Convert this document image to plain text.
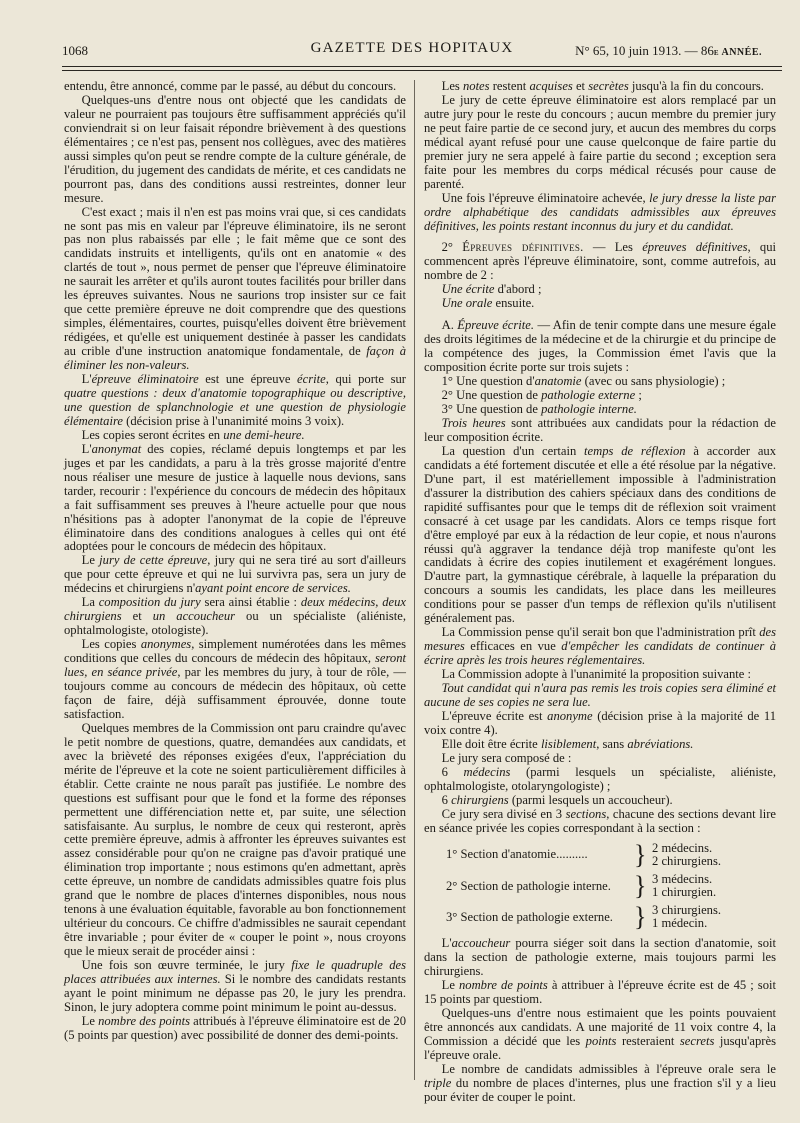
1068	GAZETTE DES HOPITAUX	N° 65, 10 juin 1913. — 86e ANNÉE.

entendu, être annoncé, comme par le passé, au début du concours.

Quelques-uns d'entre nous ont objecté que les candidats de valeur ne pourraient pas toujours être suffisamment appréciés qu'il conviendrait si on leur faisait répondre brièvement à des questions élémentaires ; ce n'est pas, pensent nos collègues, avec des matières aussi simples qu'on peut se rendre compte de la culture générale, de l'érudition, du jugement des candidats de mérite, et ces candidats ne pourront pas, dans des conditions aussi restreintes, donner leur mesure.

C'est exact ; mais il n'en est pas moins vrai que, si ces candidats ne sont pas mis en valeur par l'épreuve éliminatoire, ils ne seront pas non plus rabaissés par elle ; le fait même que ce sont des candidats instruits et intelligents, qu'ils ont en anatomie « des clartés de tout », nous permet de penser que l'épreuve éliminatoire ne saurait les arrêter et qu'ils auront toutes facilités pour briller dans les épreuves suivantes. Nous ne saurions trop insister sur ce fait que cette première épreuve ne doit comprendre que des questions simples, élémentaires, courtes, puisqu'elles doivent être brièvement rédigées, et qu'elle est uniquement destinée à passer les candidats au crible d'une instruction anatomique fondamentale, de façon à éliminer les non-valeurs.

L'épreuve éliminatoire est une épreuve écrite, qui porte sur quatre questions : deux d'anatomie topographique ou descriptive, une question de splanchnologie et une question de physiologie élémentaire (décision prise à l'unanimité moins 3 voix).

Les copies seront écrites en une demi-heure.

L'anonymat des copies, réclamé depuis longtemps et par les juges et par les candidats, a paru à la très grosse majorité d'entre nous réaliser une mesure de justice à laquelle nous devions, sans tarder, recourir : l'expérience du concours de médecin des hôpitaux a fait suffisamment ses preuves à l'heure actuelle pour que nous n'hésitions pas à adopter l'anonymat de la copie de l'épreuve éliminatoire dans des conditions analogues à celles qui ont été adoptées pour le concours de médecin des hôpitaux.

Le jury de cette épreuve, jury qui ne sera tiré au sort d'ailleurs que pour cette épreuve et qui ne lui survivra pas, sera un jury de médecins et chirurgiens n'ayant point encore de services.

La composition du jury sera ainsi établie : deux médecins, deux chirurgiens et un accoucheur ou un spécialiste (aliéniste, ophtalmologiste, otologiste).

Les copies anonymes, simplement numérotées dans les mêmes conditions que celles du concours de médecin des hôpitaux, seront lues, en séance privée, par les membres du jury, à tour de rôle, — toujours comme au concours de médecin des hôpitaux, où cette façon de faire, déjà suffisamment éprouvée, donne toute satisfaction.

Quelques membres de la Commission ont paru craindre qu'avec le petit nombre de questions, quatre, demandées aux candidats, et avec la brièveté des réponses exigées d'eux, l'appréciation du mérite de l'épreuve et la cote ne soient particulièrement difficiles à établir. Cette crainte ne nous paraît pas justifiée. Le nombre des questions est suffisant pour que le fond et la forme des réponses permettent une différenciation nette et, par suite, une sélection satisfaisante. Au surplus, le nombre de ceux qui resteront, après cette première épreuve, admis à affronter les épreuves suivantes est assez considérable pour qu'on ne craigne pas d'avoir pratiqué une élimination trop importante ; nous estimons qu'en admettant, après cette épreuve, un nombre de candidats admissibles quatre fois plus grand que le nombre de places d'internes disponibles, nous nous tenons à une évaluation équitable, favorable au bon fonctionnement ultérieur du concours. Ce chiffre d'admissibles ne saurait cependant être invariable ; pour éviter de « couper le point », nous croyons que le mieux serait de procéder ainsi :

Une fois son œuvre terminée, le jury fixe le quadruple des places attribuées aux internes. Si le nombre des candidats restants ayant le point minimum ne dépasse pas 20, le jury les prendra. Sinon, le jury adoptera comme point minimum le point au-dessus.

Le nombre des points attribués à l'épreuve éliminatoire est de 20 (5 points par question) avec possibilité de donner des demi-points.

Les notes restent acquises et secrètes jusqu'à la fin du concours.

Le jury de cette épreuve éliminatoire est alors remplacé par un autre jury pour le reste du concours ; aucun membre du premier jury ne peut faire partie de ce second jury, et aucun des membres du corps médical ayant refusé pour une cause quelconque de faire partie du premier jury ne sera appelé à faire partie du second ; exception sera faite pour les membres du corps médical récusés pour cause de parenté.

Une fois l'épreuve éliminatoire achevée, le jury dresse la liste par ordre alphabétique des candidats admissibles aux épreuves définitives, les points restant inconnus du jury et du candidat.

2° Épreuves définitives. — Les épreuves définitives, qui commencent après l'épreuve éliminatoire, sont, comme autrefois, au nombre de 2 :

Une écrite d'abord ;

Une orale ensuite.

A. Épreuve écrite. — Afin de tenir compte dans une mesure égale des droits légitimes de la médecine et de la chirurgie et du principe de la compétence des juges, la Commission émet l'avis que la composition écrite porte sur trois sujets :

1° Une question d'anatomie (avec ou sans physiologie) ;

2° Une question de pathologie externe ;

3° Une question de pathologie interne.

Trois heures sont attribuées aux candidats pour la rédaction de leur composition écrite.

La question d'un certain temps de réflexion à accorder aux candidats a été fortement discutée et elle a été résolue par la négative. D'une part, il est matériellement impossible à l'administration d'assurer la distribution des cahiers spéciaux dans des conditions de rapidité suffisantes pour que le temps dit de réflexion soit vraiment consacré à cet usage par les candidats. Alors ce temps risque fort d'être employé par eux à la rédaction de leur copie, et nous n'aurons réussi qu'à aggraver la tendance déjà trop manifeste qu'ont les candidats à écrire des copies inutilement et exagérément longues. D'autre part, la gymnastique cérébrale, à laquelle la préparation du concours a soumis les candidats, les place dans les meilleures conditions pour se passer d'un temps de réflexion qu'ils n'utilisent généralement pas.

La Commission pense qu'il serait bon que l'administration prît des mesures efficaces en vue d'empêcher les candidats de continuer à écrire après les trois heures réglementaires.

La Commission adopte à l'unanimité la proposition suivante :

Tout candidat qui n'aura pas remis les trois copies sera éliminé et aucune de ses copies ne sera lue.

L'épreuve écrite est anonyme (décision prise à la majorité de 11 voix contre 4).

Elle doit être écrite lisiblement, sans abréviations.

Le jury sera composé de :

6 médecins (parmi lesquels un spécialiste, aliéniste, ophtalmologiste, otolaryngologiste) ;

6 chirurgiens (parmi lesquels un accoucheur).

Ce jury sera divisé en 3 sections, chacune des sections devant lire en séance privée les copies correspondant à la section :

1° Section d'anatomie..........	} 2 médecins.
2 chirurgiens.
2° Section de pathologie interne. } 3 médecins.
1 chirurgien.
3° Section de pathologie externe. } 3 chirurgiens.
1 médecin.

L'accoucheur pourra siéger soit dans la section d'anatomie, soit dans la section de pathologie externe, mais toujours parmi les chirurgiens.

Le nombre de points à attribuer à l'épreuve écrite est de 45 ; soit 15 points par questiom.

Quelques-uns d'entre nous estimaient que les points pouvaient être annoncés aux candidats. A une majorité de 11 voix contre 4, la Commission a décidé que les points resteraient secrets jusqu'après l'épreuve orale.

Le nombre de candidats admissibles à l'épreuve orale sera le triple du nombre de places d'internes, plus une fraction s'il y a lieu pour éviter de couper le point.
